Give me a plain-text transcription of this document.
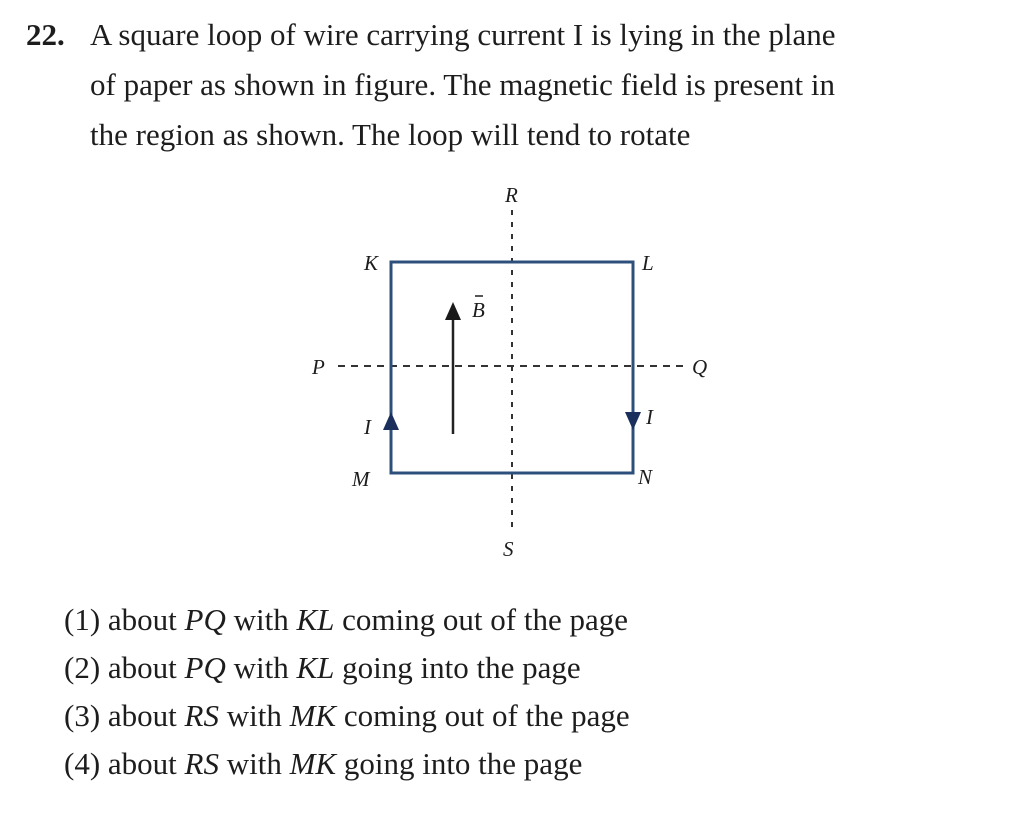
22. A square loop of wire carrying current I is lying in the plane
of paper as shown in figure. The magnetic field is present in
the region as shown. The loop will tend to rotate
R
K	L
B
P	Q
I	I
M	N
S
(1) about PQ with KL coming out of the page
(2) about PQ with KL going into the page
(3) about RS with MK coming out of the page
(4) about RS with MK going into the page
